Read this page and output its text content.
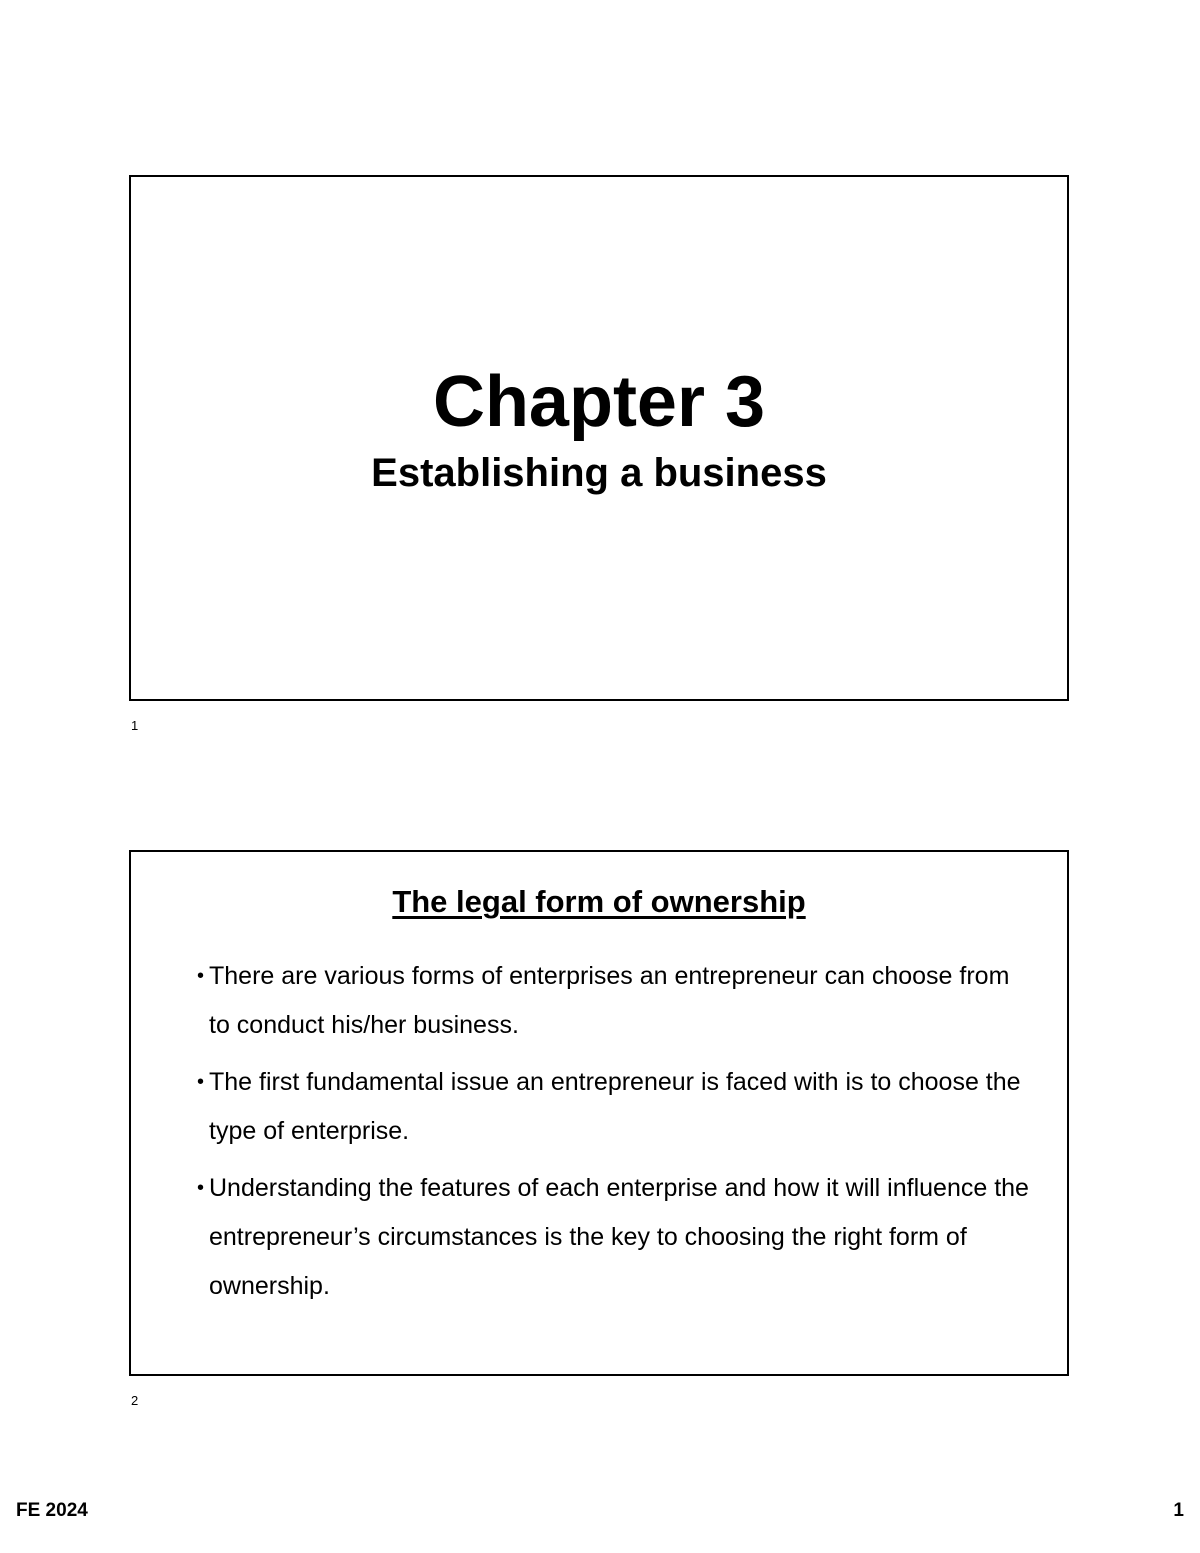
Chapter 3
Establishing a business
1
The legal form of ownership
• There are various forms of enterprises an entrepreneur can choose from to conduct his/her business.
• The first fundamental issue an entrepreneur is faced with is to choose the type of enterprise.
• Understanding the features of each enterprise and how it will influence the entrepreneur’s circumstances is the key to choosing the right form of ownership.
2
FE 2024	1
